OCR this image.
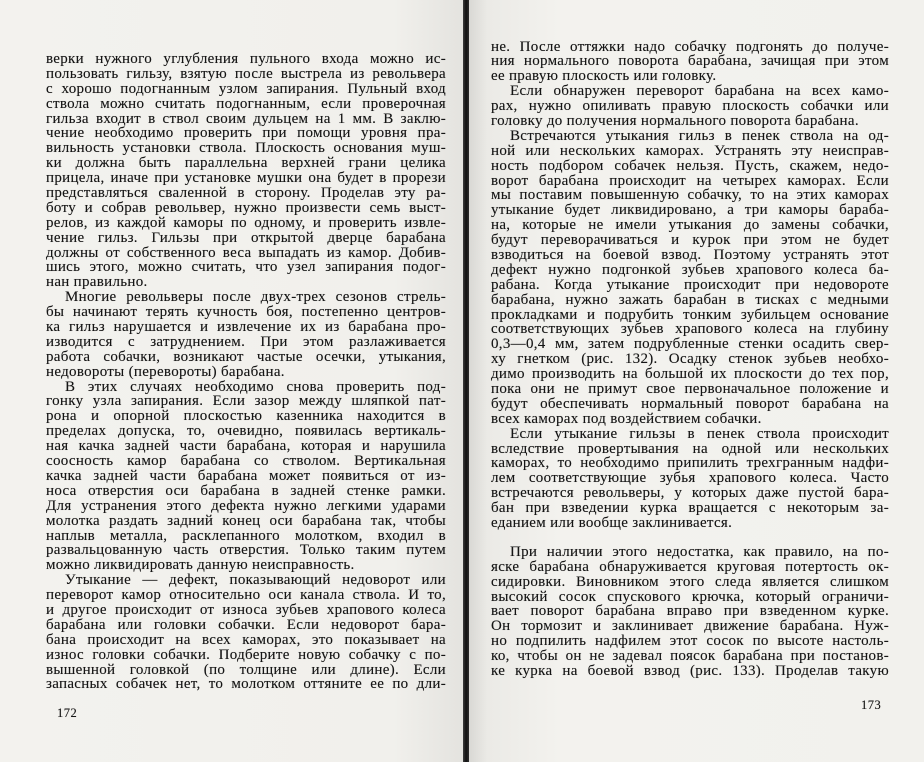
верки нужного углубления пульного входа можно ис-
пользовать гильзу, взятую после выстрела из револьвера
с хорошо подогнанным узлом запирания. Пульный вход
ствола можно считать подогнанным, если проверочная
гильза входит в ствол своим дульцем на 1 мм. В заклю-
чение необходимо проверить при помощи уровня пра-
вильность установки ствола. Плоскость основания муш-
ки должна быть параллельна верхней грани целика
прицела, иначе при установке мушки она будет в прорези
представляться сваленной в сторону. Проделав эту ра-
боту и собрав револьвер, нужно произвести семь выст-
релов, из каждой каморы по одному, и проверить извле-
чение гильз. Гильзы при открытой дверце барабана
должны от собственного веса выпадать из камор. Добив-
шись этого, можно считать, что узел запирания подог-
нан правильно.
Многие револьверы после двух-трех сезонов стрель-
бы начинают терять кучность боя, постепенно центров-
ка гильз нарушается и извлечение их из барабана про-
изводится с затруднением. При этом разлаживается
работа собачки, возникают частые осечки, утыкания,
недовороты (перевороты) барабана.
В этих случаях необходимо снова проверить под-
гонку узла запирания. Если зазор между шляпкой пат-
рона и опорной плоскостью казенника находится в
пределах допуска, то, очевидно, появилась вертикаль-
ная качка задней части барабана, которая и нарушила
соосность камор барабана со стволом. Вертикальная
качка задней части барабана может появиться от из-
носа отверстия оси барабана в задней стенке рамки.
Для устранения этого дефекта нужно легкими ударами
молотка раздать задний конец оси барабана так, чтобы
наплыв металла, расклепанного молотком, входил в
развальцованную часть отверстия. Только таким путем
можно ликвидировать данную неисправность.
Утыкание — дефект, показывающий недоворот или
переворот камор относительно оси канала ствола. И то,
и другое происходит от износа зубьев храпового колеса
барабана или головки собачки. Если недоворот бара-
бана происходит на всех каморах, это показывает на
износ головки собачки. Подберите новую собачку с по-
вышенной головкой (по толщине или длине). Если
запасных собачек нет, то молотком оттяните ее по дли-
172
не. После оттяжки надо собачку подгонять до получе-
ния нормального поворота барабана, зачищая при этом
ее правую плоскость или головку.
Если обнаружен переворот барабана на всех камо-
рах, нужно опиливать правую плоскость собачки или
головку до получения нормального поворота барабана.
Встречаются утыкания гильз в пенек ствола на од-
ной или нескольких каморах. Устранять эту неисправ-
ность подбором собачек нельзя. Пусть, скажем, недо-
ворот барабана происходит на четырех каморах. Если
мы поставим повышенную собачку, то на этих каморах
утыкание будет ликвидировано, а три каморы бараба-
на, которые не имели утыкания до замены собачки,
будут переворачиваться и курок при этом не будет
взводиться на боевой взвод. Поэтому устранять этот
дефект нужно подгонкой зубьев храпового колеса ба-
рабана. Когда утыкание происходит при недовороте
барабана, нужно зажать барабан в тисках с медными
прокладками и подрубить тонким зубильцем основание
соответствующих зубьев храпового колеса на глубину
0,3—0,4 мм, затем подрубленные стенки осадить свер-
ху гнетком (рис. 132). Осадку стенок зубьев необхо-
димо производить на большой их плоскости до тех пор,
пока они не примут свое первоначальное положение и
будут обеспечивать нормальный поворот барабана на
всех каморах под воздействием собачки.
Если утыкание гильзы в пенек ствола происходит
вследствие провертывания на одной или нескольких
каморах, то необходимо припилить трехгранным надфи-
лем соответствующие зубья храпового колеса. Часто
встречаются револьверы, у которых даже пустой бара-
бан при взведении курка вращается с некоторым за-
еданием или вообще заклинивается.
При наличии этого недостатка, как правило, на по-
яске барабана обнаруживается круговая потертость ок-
сидировки. Виновником этого следа является слишком
высокий сосок спускового крючка, который ограничи-
вает поворот барабана вправо при взведенном курке.
Он тормозит и заклинивает движение барабана. Нуж-
но подпилить надфилем этот сосок по высоте настоль-
ко, чтобы он не задевал поясок барабана при постанов-
ке курка на боевой взвод (рис. 133). Проделав такую
173
